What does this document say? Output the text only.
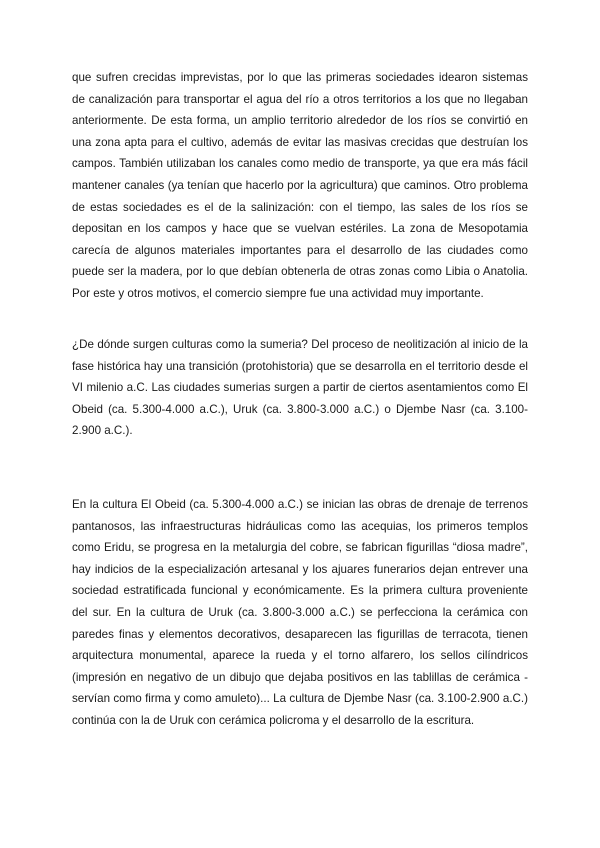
que sufren crecidas imprevistas, por lo que las primeras sociedades idearon sistemas de canalización para transportar el agua del río a otros territorios a los que no llegaban anteriormente. De esta forma, un amplio territorio alrededor de los ríos se convirtió en una zona apta para el cultivo, además de evitar las masivas crecidas que destruían los campos. También utilizaban los canales como medio de transporte, ya que era más fácil mantener canales (ya tenían que hacerlo por la agricultura) que caminos. Otro problema de estas sociedades es el de la salinización: con el tiempo, las sales de los ríos se depositan en los campos y hace que se vuelvan estériles. La zona de Mesopotamia carecía de algunos materiales importantes para el desarrollo de las ciudades como puede ser la madera, por lo que debían obtenerla de otras zonas como Libia o Anatolia. Por este y otros motivos, el comercio siempre fue una actividad muy importante.

¿De dónde surgen culturas como la sumeria? Del proceso de neolitización al inicio de la fase histórica hay una transición (protohistoria) que se desarrolla en el territorio desde el VI milenio a.C. Las ciudades sumerias surgen a partir de ciertos asentamientos como El Obeid (ca. 5.300-4.000 a.C.), Uruk (ca. 3.800-3.000 a.C.) o Djembe Nasr (ca. 3.100-2.900 a.C.).

En la cultura El Obeid (ca. 5.300-4.000 a.C.) se inician las obras de drenaje de terrenos pantanosos, las infraestructuras hidráulicas como las acequias, los primeros templos como Eridu, se progresa en la metalurgia del cobre, se fabrican figurillas “diosa madre”, hay indicios de la especialización artesanal y los ajuares funerarios dejan entrever una sociedad estratificada funcional y económicamente. Es la primera cultura proveniente del sur. En la cultura de Uruk (ca. 3.800-3.000 a.C.) se perfecciona la cerámica con paredes finas y elementos decorativos, desaparecen las figurillas de terracota, tienen arquitectura monumental, aparece la rueda y el torno alfarero, los sellos cilíndricos (impresión en negativo de un dibujo que dejaba positivos en las tablillas de cerámica - servían como firma y como amuleto)... La cultura de Djembe Nasr (ca. 3.100-2.900 a.C.) continúa con la de Uruk con cerámica policroma y el desarrollo de la escritura.
